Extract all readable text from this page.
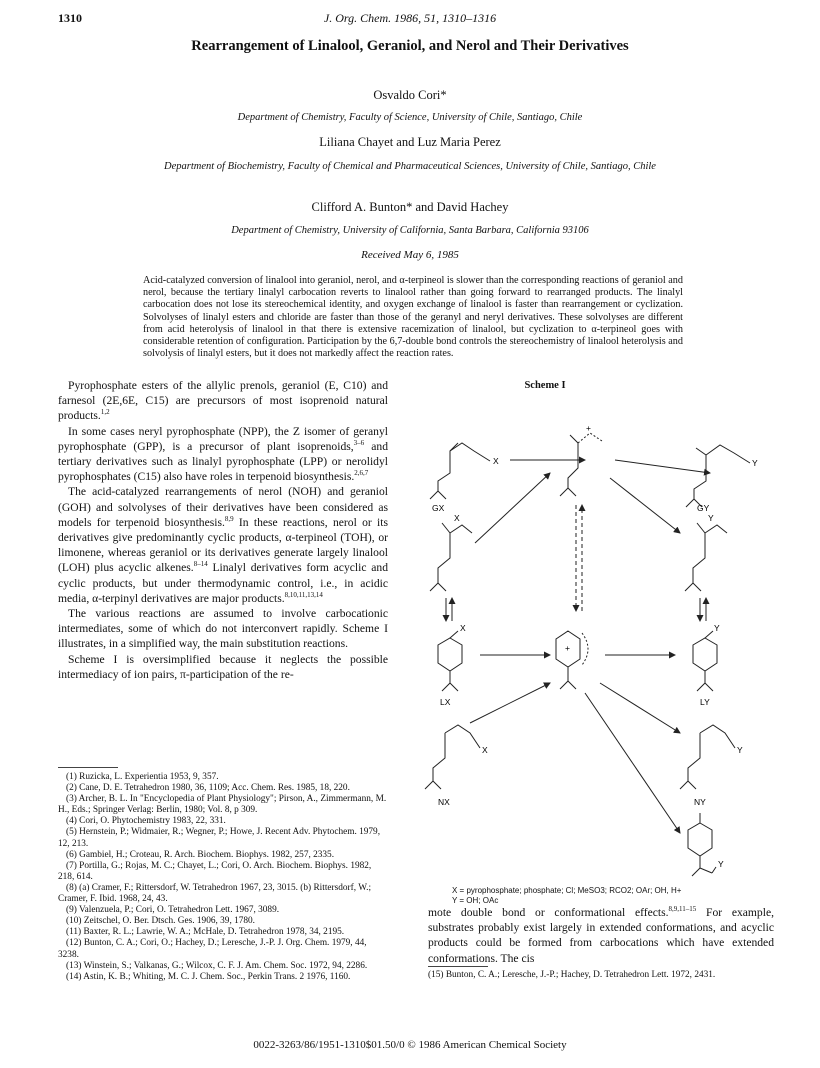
1310	J. Org. Chem. 1986, 51, 1310–1316
Rearrangement of Linalool, Geraniol, and Nerol and Their Derivatives
Osvaldo Cori*
Department of Chemistry, Faculty of Science, University of Chile, Santiago, Chile
Liliana Chayet and Luz Maria Perez
Department of Biochemistry, Faculty of Chemical and Pharmaceutical Sciences, University of Chile, Santiago, Chile
Clifford A. Bunton* and David Hachey
Department of Chemistry, University of California, Santa Barbara, California 93106
Received May 6, 1985
Acid-catalyzed conversion of linalool into geraniol, nerol, and α-terpineol is slower than the corresponding reactions of geraniol and nerol, because the tertiary linalyl carbocation reverts to linalool rather than going forward to rearranged products. The linalyl carbocation does not lose its stereochemical identity, and oxygen exchange of linalool is faster than rearrangement or cyclization. Solvolyses of linalyl esters and chloride are faster than those of the geranyl and neryl derivatives. These solvolyses are different from acid heterolysis of linalool in that there is extensive racemization of linalool, but cyclization to α-terpineol goes with considerable retention of configuration. Participation by the 6,7-double bond controls the stereochemistry of linalool heterolysis and solvolysis of linalyl esters, but it does not markedly affect the reaction rates.

Pyrophosphate esters of the allylic prenols, geraniol (E, C10) and farnesol (2E,6E, C15) are precursors of most isoprenoid natural products.$^{1,2}$

In some cases neryl pyrophosphate (NPP), the Z isomer of geranyl pyrophosphate (GPP), is a precursor of plant isoprenoids,$^{3-6}$ and tertiary derivatives such as linalyl pyrophosphate (LPP) or nerolidyl pyrophosphates (C15) also have roles in terpenoid biosynthesis.$^{2,6,7}$

The acid-catalyzed rearrangements of nerol (NOH) and geraniol (GOH) and solvolyses of their derivatives have been considered as models for terpenoid biosynthesis.$^{8,9}$ In these reactions, nerol or its derivatives give predominantly cyclic products, α-terpineol (TOH), or limonene, whereas geraniol or its derivatives generate largely linalool (LOH) plus acyclic alkenes.$^{8-14}$ Linalyl derivatives form acyclic and cyclic products, but under thermodynamic control, i.e., in acidic media, α-terpinyl derivatives are major products.$^{8,10,11,13,14}$

The various reactions are assumed to involve carbocationic intermediates, some of which do not interconvert rapidly. Scheme I illustrates, in a simplified way, the main substitution reactions.

Scheme I is oversimplified because it neglects the possible intermediacy of ion pairs, π-participation of the re-

(1) Ruzicka, L. Experientia 1953, 9, 357.
(2) Cane, D. E. Tetrahedron 1980, 36, 1109; Acc. Chem. Res. 1985, 18, 220.
(3) Archer, B. L. In "Encyclopedia of Plant Physiology"; Pirson, A., Zimmermann, M. H., Eds.; Springer Verlag: Berlin, 1980; Vol. 8, p 309.
(4) Cori, O. Phytochemistry 1983, 22, 331.
(5) Hernstein, P.; Widmaier, R.; Wegner, P.; Howe, J. Recent Adv. Phytochem. 1979, 12, 213.
(6) Gambiel, H.; Croteau, R. Arch. Biochem. Biophys. 1982, 257, 2335.
(7) Portilla, G.; Rojas, M. C.; Chayet, L.; Cori, O. Arch. Biochem. Biophys. 1982, 218, 614.
(8) (a) Cramer, F.; Rittersdorf, W. Tetrahedron 1967, 23, 3015. (b) Rittersdorf, W.; Cramer, F. Ibid. 1968, 24, 43.
(9) Valenzuela, P.; Cori, O. Tetrahedron Lett. 1967, 3089.
(10) Zeitschel, O. Ber. Dtsch. Ges. 1906, 39, 1780.
(11) Baxter, R. L.; Lawrie, W. A.; McHale, D. Tetrahedron 1978, 34, 2195.
(12) Bunton, C. A.; Cori, O.; Hachey, D.; Leresche, J.-P. J. Org. Chem. 1979, 44, 3238.
(13) Winstein, S.; Valkanas, G.; Wilcox, C. F. J. Am. Chem. Soc. 1972, 94, 2286.
(14) Astin, K. B.; Whiting, M. C. J. Chem. Soc., Perkin Trans. 2 1976, 1160.
Scheme I
X
GX
+
Y
GY
X	Y
X
LX
+
Y
LY
X
NX
Y
NY
Y
X = pyrophosphate; phosphate; Cl; MeSO3; RCO2; OAr; OH, H+
Y = OH; OAc
mote double bond or conformational effects.$^{8,9,11-15}$ For example, substrates probably exist largely in extended conformations, and acyclic products could be formed from carbocations which have extended conformations. The cis
(15) Bunton, C. A.; Leresche, J.-P.; Hachey, D. Tetrahedron Lett. 1972, 2431.
0022-3263/86/1951-1310$01.50/0 © 1986 American Chemical Society
